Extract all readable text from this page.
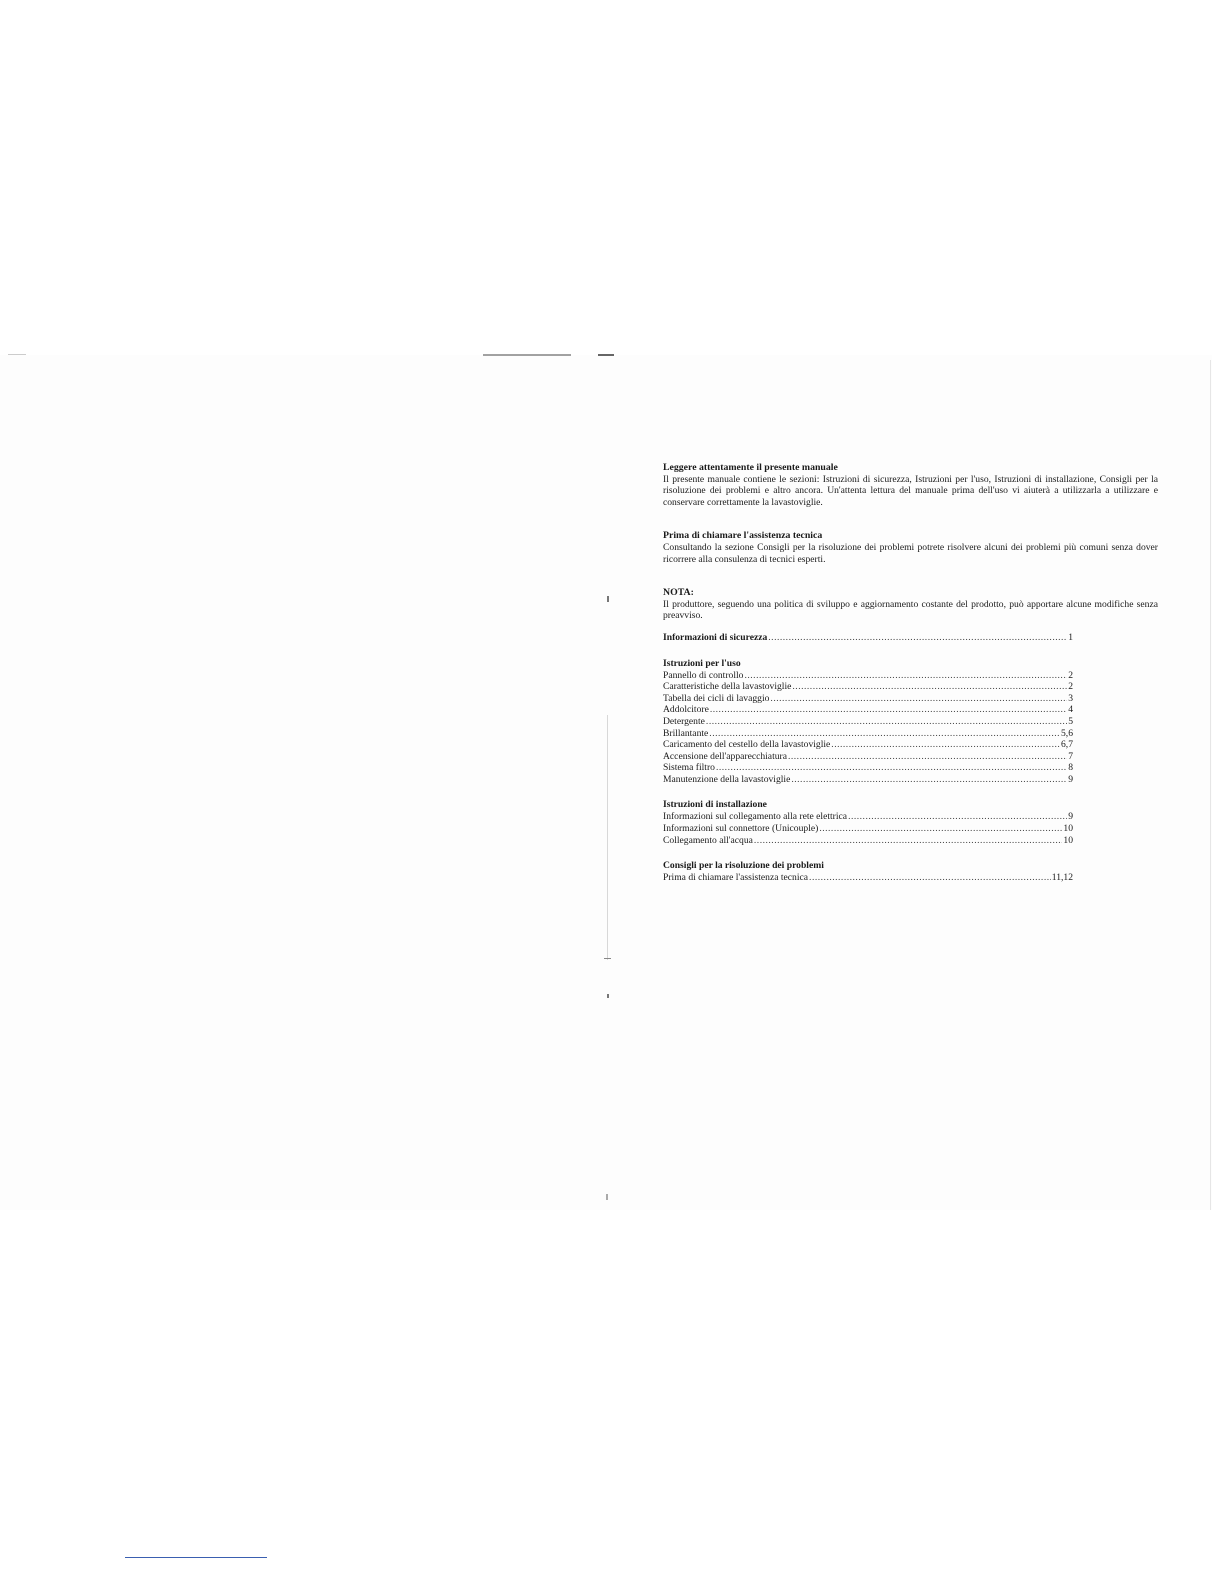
Leggere attentamente il presente manuale

Il presente manuale contiene le sezioni: Istruzioni di sicurezza, Istruzioni per l'uso, Istruzioni di installazione, Consigli per la risoluzione dei problemi e altro ancora. Un'attenta lettura del manuale prima dell'uso vi aiuterà a utilizzarla a utilizzare e conservare correttamente la lavastoviglie.

Prima di chiamare l'assistenza tecnica

Consultando la sezione Consigli per la risoluzione dei problemi potrete risolvere alcuni dei problemi più comuni senza dover ricorrere alla consulenza di tecnici esperti.

NOTA:

Il produttore, seguendo una politica di sviluppo e aggiornamento costante del prodotto, può apportare alcune modifiche senza preavviso.

Informazioni di sicurezza .....	1

Istruzioni per l'uso

Pannello di controllo .....	2
Caratteristiche della lavastoviglie .....	2
Tabella dei cicli di lavaggio .....	3
Addolcitore .....	4
Detergente .....	5
Brillantante .....	5,6
Caricamento del cestello della lavastoviglie .....	6,7
Accensione dell'apparecchiatura .....	7
Sistema filtro .....	8
Manutenzione della lavastoviglie .....	9

Istruzioni di installazione

Informazioni sul collegamento alla rete elettrica .....	9
Informazioni sul connettore (Unicouple) .....	10
Collegamento all'acqua .....	10

Consigli per la risoluzione dei problemi

Prima di chiamare l'assistenza tecnica .....	11,12
